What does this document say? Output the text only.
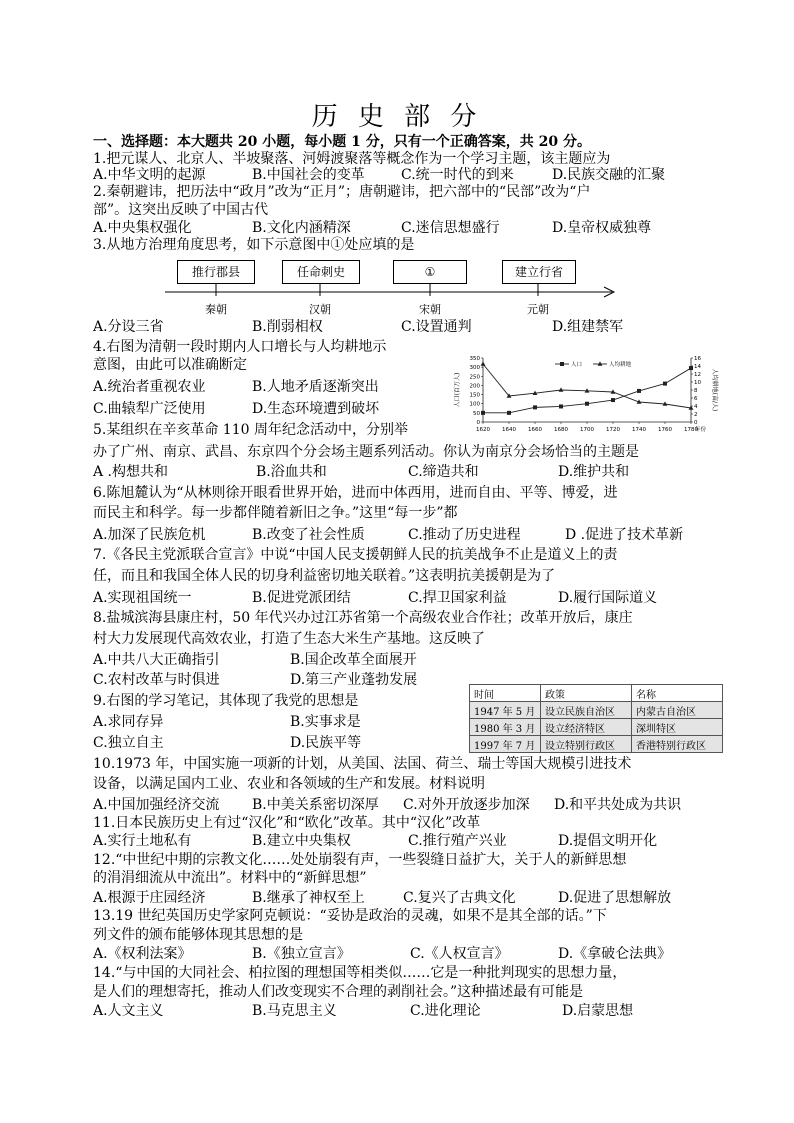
历 史 部 分
一、选择题：本大题共 20 小题，每小题 1 分，只有一个正确答案，共 20 分。
1.把元谋人、北京人、半坡聚落、河姆渡聚落等概念作为一个学习主题，该主题应为
A.中华文明的起源	B.中国社会的变革	C.统一时代的到来	D.民族交融的汇聚
2.秦朝避讳，把历法中“政月”改为“正月”；唐朝避讳，把六部中的“民部”改为“户
部”。这突出反映了中国古代
A.中央集权强化	B.文化内涵精深	C.迷信思想盛行	D.皇帝权威独尊
3.从地方治理角度思考，如下示意图中①处应填的是
推行郡县	任命刺史	①	建立行省
秦朝	汉朝	宋朝	元朝
A.分设三省	B.削弱相权	C.设置通判	D.组建禁军
4.右图为清朝一段时期内人口增长与人均耕地示
意图，由此可以准确断定
A.统治者重视农业	B.人地矛盾逐渐突出
C.曲辕犁广泛使用	D.生态环境遭到破坏
人口(百万人)	人均耕地(亩/人)
0
50
100
150
200
250
300
350
0
2
4
6
8
10
12
14
16
1620 1640 1660 1680 1700 1720 1740 1760 1780
年份
人口	人均耕地
5.某组织在辛亥革命 110 周年纪念活动中，分别举
办了广州、南京、武昌、东京四个分会场主题系列活动。你认为南京分会场恰当的主题是
A .构想共和	B.浴血共和	C.缔造共和	D.维护共和
6.陈旭麓认为“从林则徐开眼看世界开始，进而中体西用，进而自由、平等、博爱，进
而民主和科学。每一步都伴随着新旧之争。”这里“每一步”都
A.加深了民族危机	B.改变了社会性质	C.推动了历史进程	D .促进了技术革新
7.《各民主党派联合宣言》中说“中国人民支援朝鲜人民的抗美战争不止是道义上的责
任，而且和我国全体人民的切身利益密切地关联着。”这表明抗美援朝是为了
A.实现祖国统一	B.促进党派团结	C.捍卫国家利益	D.履行国际道义
8.盐城滨海县康庄村，50 年代兴办过江苏省第一个高级农业合作社；改革开放后，康庄
村大力发展现代高效农业，打造了生态大米生产基地。这反映了
A.中共八大正确指引	B.国企改革全面展开
C.农村改革与时俱进	D.第三产业蓬勃发展
9.右图的学习笔记，其体现了我党的思想是
A.求同存异	B.实事求是
C.独立自主	D.民族平等
时间	政策	名称
1947 年 5 月	设立民族自治区	内蒙古自治区
1980 年 3 月	设立经济特区	深圳特区
1997 年 7 月	设立特别行政区	香港特别行政区
10.1973 年，中国实施一项新的计划，从美国、法国、荷兰、瑞士等国大规模引进技术
设备，以满足国内工业、农业和各领域的生产和发展。材料说明
A.中国加强经济交流 B.中美关系密切深厚 C.对外开放逐步加深 D.和平共处成为共识
11.日本民族历史上有过“汉化”和“欧化”改革。其中“汉化”改革
A.实行土地私有	B.建立中央集权	C.推行殖产兴业	D.提倡文明开化
12.“中世纪中期的宗教文化……处处崩裂有声，一些裂缝日益扩大，关于人的新鲜思想
的涓涓细流从中流出”。材料中的“新鲜思想”
A.根源于庄园经济	B.继承了神权至上	C.复兴了古典文化	D.促进了思想解放
13.19 世纪英国历史学家阿克顿说：“妥协是政治的灵魂，如果不是其全部的话。”下
列文件的颁布能够体现其思想的是
A.《权利法案》	B.《独立宣言》	C.《人权宣言》	D.《拿破仑法典》
14.“与中国的大同社会、柏拉图的理想国等相类似……它是一种批判现实的思想力量，
是人们的理想寄托，推动人们改变现实不合理的剥削社会。”这种描述最有可能是
A.人文主义	B.马克思主义	C.进化理论	D.启蒙思想
